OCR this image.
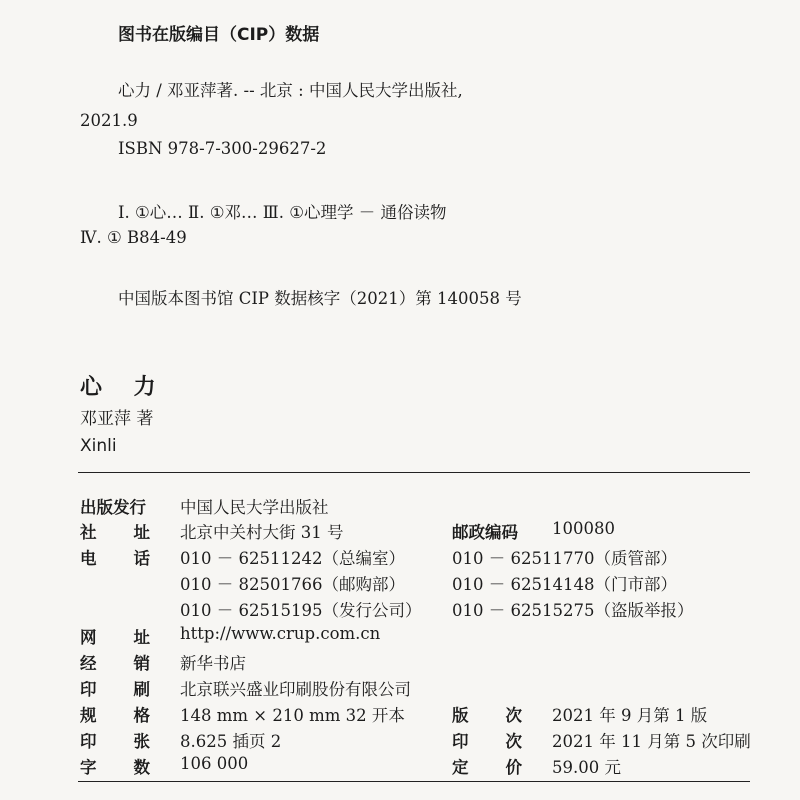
图书在版编目（CIP）数据
心力 / 邓亚萍著. -- 北京 : 中国人民大学出版社,
2021.9
ISBN 978-7-300-29627-2
Ⅰ. ①心… Ⅱ. ①邓… Ⅲ. ①心理学 － 通俗读物
Ⅳ. ① B84-49
中国版本图书馆 CIP 数据核字（2021）第 140058 号
心 力
邓亚萍 著
Xinli
出版发行 中国人民大学出版社
社 址 北京中关村大街 31 号	邮政编码 100080
电 话 010 － 62511242（总编室）	010 － 62511770（质管部）
010 － 82501766（邮购部）	010 － 62514148（门市部）
010 － 62515195（发行公司） 010 － 62515275（盗版举报）
网 址 http://www.crup.com.cn
经 销 新华书店
印 刷 北京联兴盛业印刷股份有限公司
规 格 148 mm × 210 mm 32 开本	版 次 2021 年 9 月第 1 版
印 张 8.625 插页 2	印 次 2021 年 11 月第 5 次印刷
字 数 106 000	定 价 59.00 元
